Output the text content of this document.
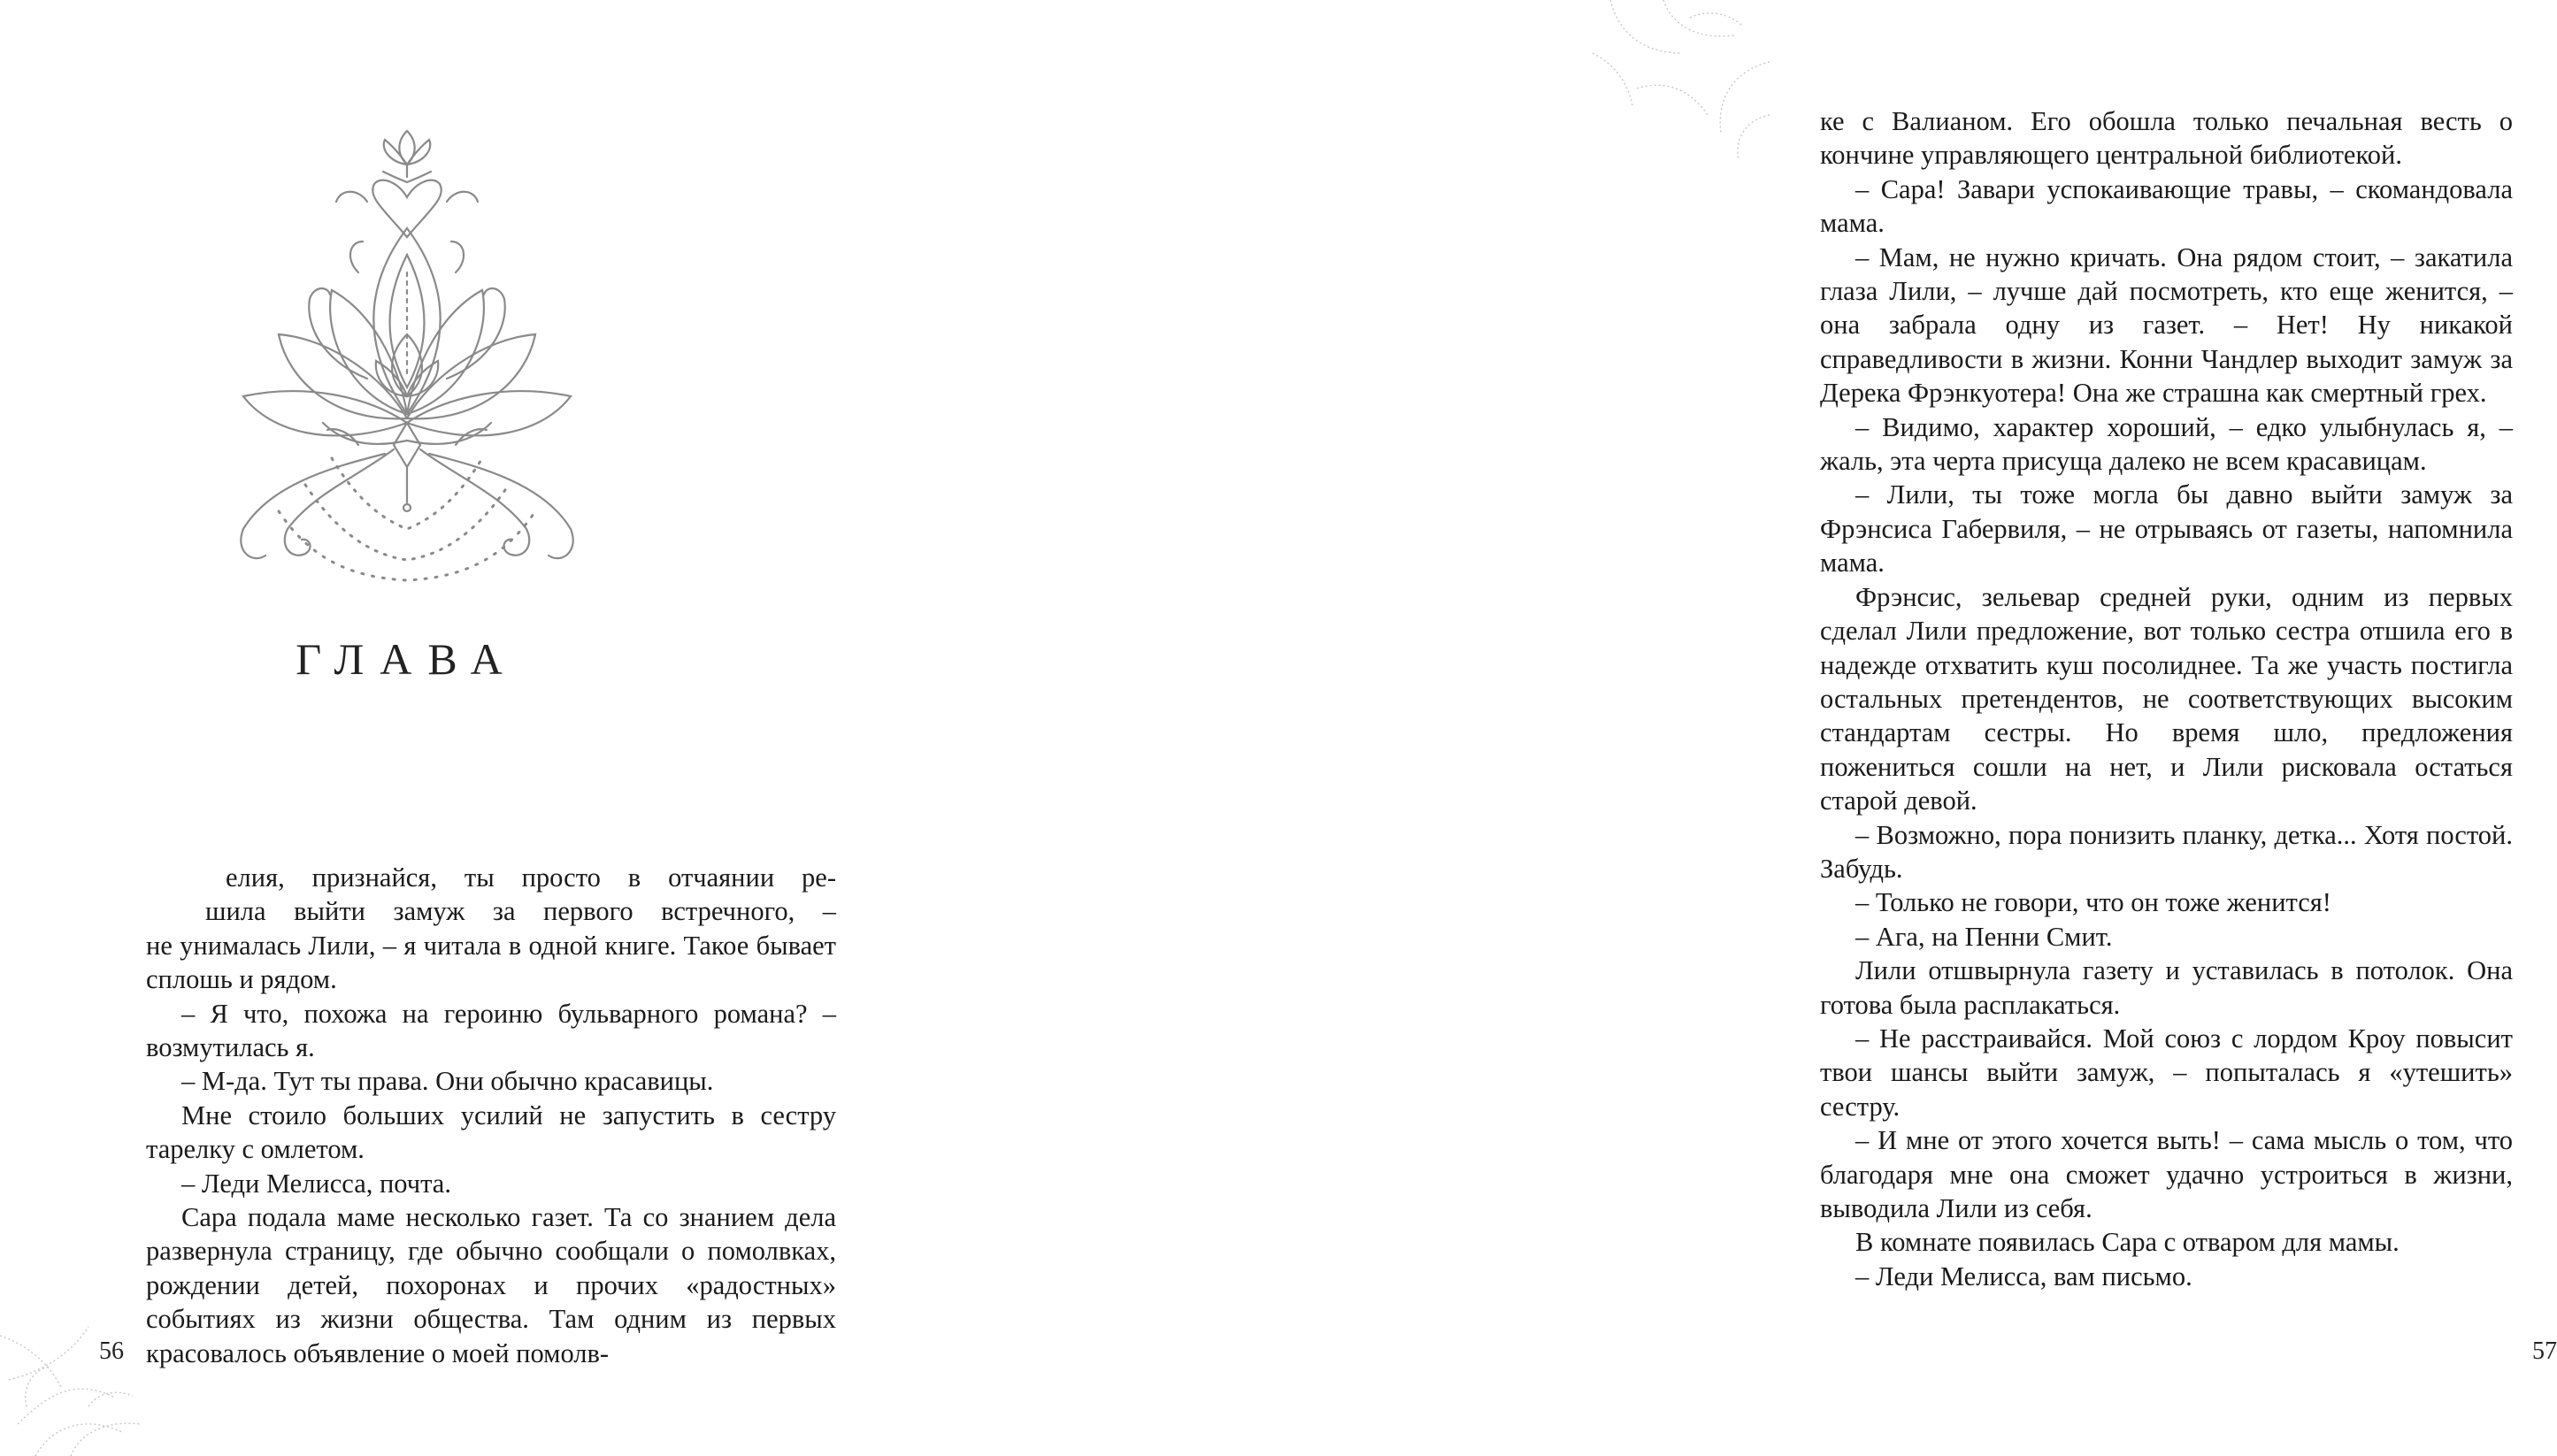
ГЛАВА

елия, признайся, ты просто в отчаянии ре-

шила выйти замуж за первого встречного, –

не унималась Лили, – я читала в одной книге. Такое бывает сплошь и рядом.

– Я что, похожа на героиню бульварного романа? – возмутилась я.

– М-да. Тут ты права. Они обычно красавицы.

Мне стоило больших усилий не запустить в сестру тарелку с омлетом.

– Леди Мелисса, почта.

Сара подала маме несколько газет. Та со знанием дела развернула страницу, где обычно сообщали о помолвках, рождении детей, похоронах и прочих «радостных» событиях из жизни общества. Там одним из первых красовалось объявление о моей помолв-

56

ке с Валианом. Его обошла только печальная весть о кончине управляющего центральной библиотекой.

– Сара! Завари успокаивающие травы, – скомандовала мама.

– Мам, не нужно кричать. Она рядом стоит, – закатила глаза Лили, – лучше дай посмотреть, кто еще женится, – она забрала одну из газет. – Нет! Ну никакой справедливости в жизни. Конни Чандлер выходит замуж за Дерека Фрэнкуотера! Она же страшна как смертный грех.

– Видимо, характер хороший, – едко улыбнулась я, – жаль, эта черта присуща далеко не всем красавицам.

– Лили, ты тоже могла бы давно выйти замуж за Фрэнсиса Габервиля, – не отрываясь от газеты, напомнила мама.

Фрэнсис, зельевар средней руки, одним из первых сделал Лили предложение, вот только сестра отшила его в надежде отхватить куш посолиднее. Та же участь постигла остальных претендентов, не соответствующих высоким стандартам сестры. Но время шло, предложения пожениться сошли на нет, и Лили рисковала остаться старой девой.

– Возможно, пора понизить планку, детка... Хотя постой. Забудь.

– Только не говори, что он тоже женится!

– Ага, на Пенни Смит.

Лили отшвырнула газету и уставилась в потолок. Она готова была расплакаться.

– Не расстраивайся. Мой союз с лордом Кроу повысит твои шансы выйти замуж, – попыталась я «утешить» сестру.

– И мне от этого хочется выть! – сама мысль о том, что благодаря мне она сможет удачно устроиться в жизни, выводила Лили из себя.

В комнате появилась Сара с отваром для мамы.

– Леди Мелисса, вам письмо.

57
